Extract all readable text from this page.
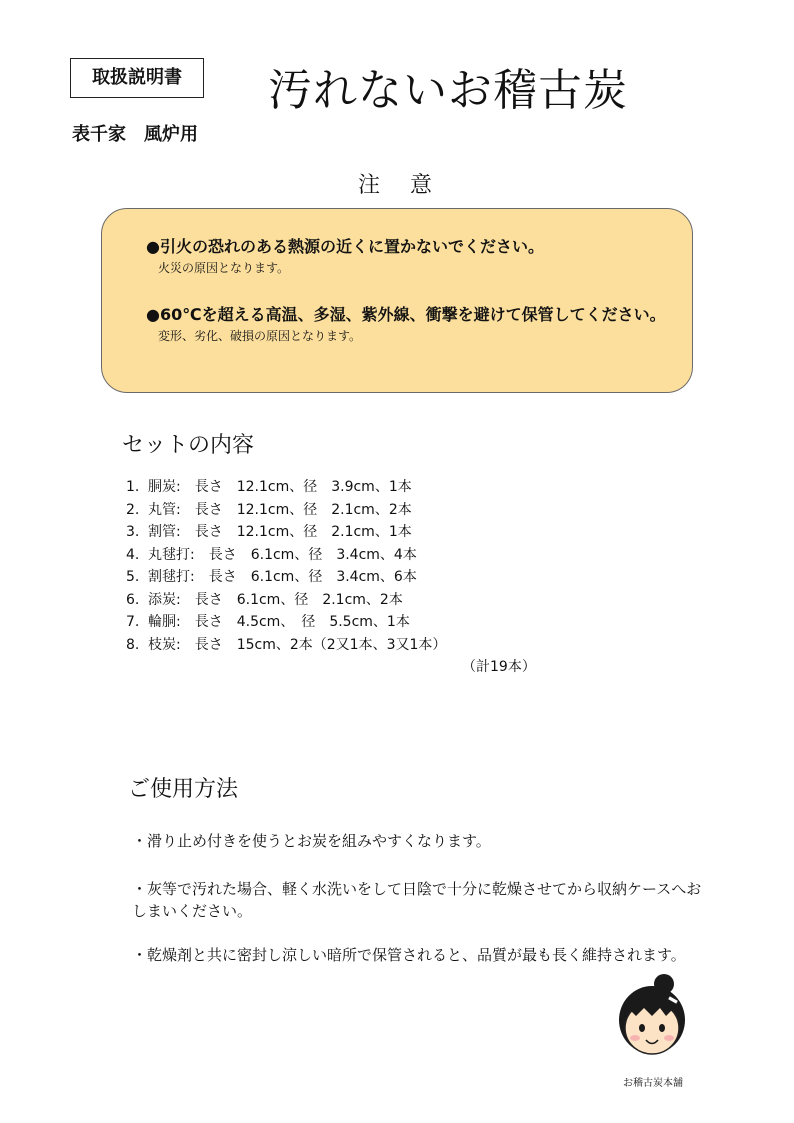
取扱説明書	汚れないお稽古炭
表千家　風炉用
注　意
●引火の恐れのある熱源の近くに置かないでください。
火災の原因となります。
●60℃を超える高温、多湿、紫外線、衝撃を避けて保管してください。
変形、劣化、破損の原因となります。
セットの内容
1. 胴炭:　長さ　12.1cm、径　3.9cm、1本
2. 丸管:　長さ　12.1cm、径　2.1cm、2本
3. 割管:　長さ　12.1cm、径　2.1cm、1本
4. 丸毬打:　長さ　6.1cm、径　3.4cm、4本
5. 割毬打:　長さ　6.1cm、径　3.4cm、6本
6. 添炭:　長さ　6.1cm、径　2.1cm、2本
7. 輪胴:　長さ　4.5cm、　径　5.5cm、1本
8. 枝炭:　長さ　15cm、2本（2又1本、3又1本）
（計19本）
ご使用方法
・滑り止め付きを使うとお炭を組みやすくなります。
・灰等で汚れた場合、軽く水洗いをして日陰で十分に乾燥させてから収納ケースへおしまいください。
・乾燥剤と共に密封し涼しい暗所で保管されると、品質が最も長く維持されます。
お稽古炭本舗
